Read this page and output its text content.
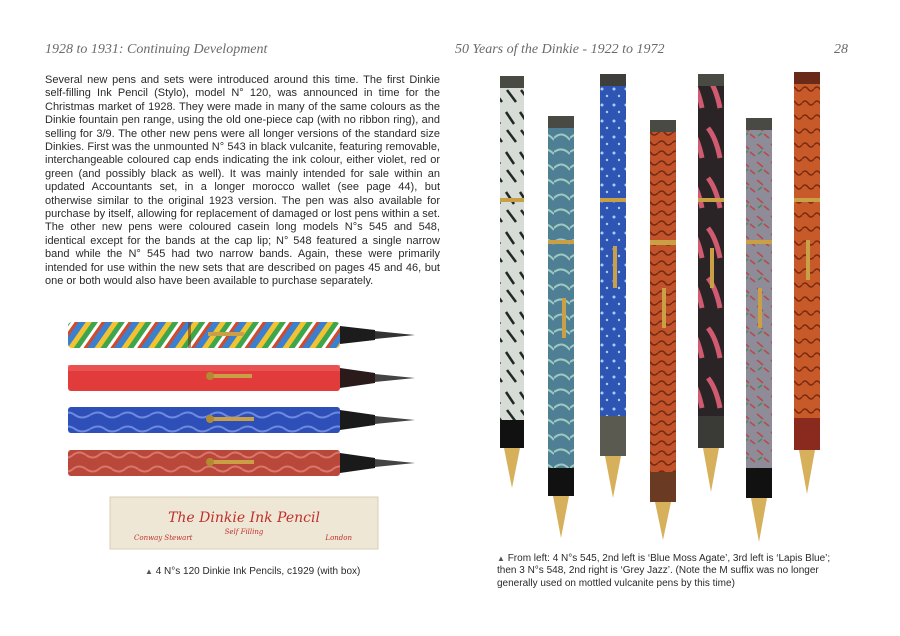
1928 to 1931: Continuing Development	50 Years of the Dinkie - 1922 to 1972	28

Several new pens and sets were introduced around this time. The first Dinkie self-filling Ink Pencil (Stylo), model N° 120, was announced in time for the Christmas market of 1928. They were made in many of the same colours as the Dinkie fountain pen range, using the old one-piece cap (with no ribbon ring), and selling for 3/9. The other new pens were all longer versions of the standard size Dinkies. First was the unmounted N° 543 in black vulcanite, featuring removable, interchangeable coloured cap ends indicating the ink colour, either violet, red or green (and possibly black as well). It was mainly intended for sale within an updated Accountants set, in a longer morocco wallet (see page 44), but otherwise similar to the original 1923 version. The pen was also available for purchase by itself, allowing for replacement of damaged or lost pens within a set. The other new pens were coloured casein long models N°s 545 and 548, identical except for the bands at the cap lip; N° 548 featured a single narrow band while the N° 545 had two narrow bands. Again, these were primarily intended for use within the new sets that are described on pages 45 and 46, but one or both would also have been available to purchase separately.

The Dinkie Ink Pencil
Conway Stewart
Self Filling
London

▲ 4 N°s 120 Dinkie Ink Pencils, c1929 (with box)

▲ From left: 4 N°s 545, 2nd left is ‘Blue Moss Agate’, 3rd left is ‘Lapis Blue’; then 3 N°s 548, 2nd right is ‘Grey Jazz’. (Note the M suffix was no longer generally used on mottled vulcanite pens by this time)
